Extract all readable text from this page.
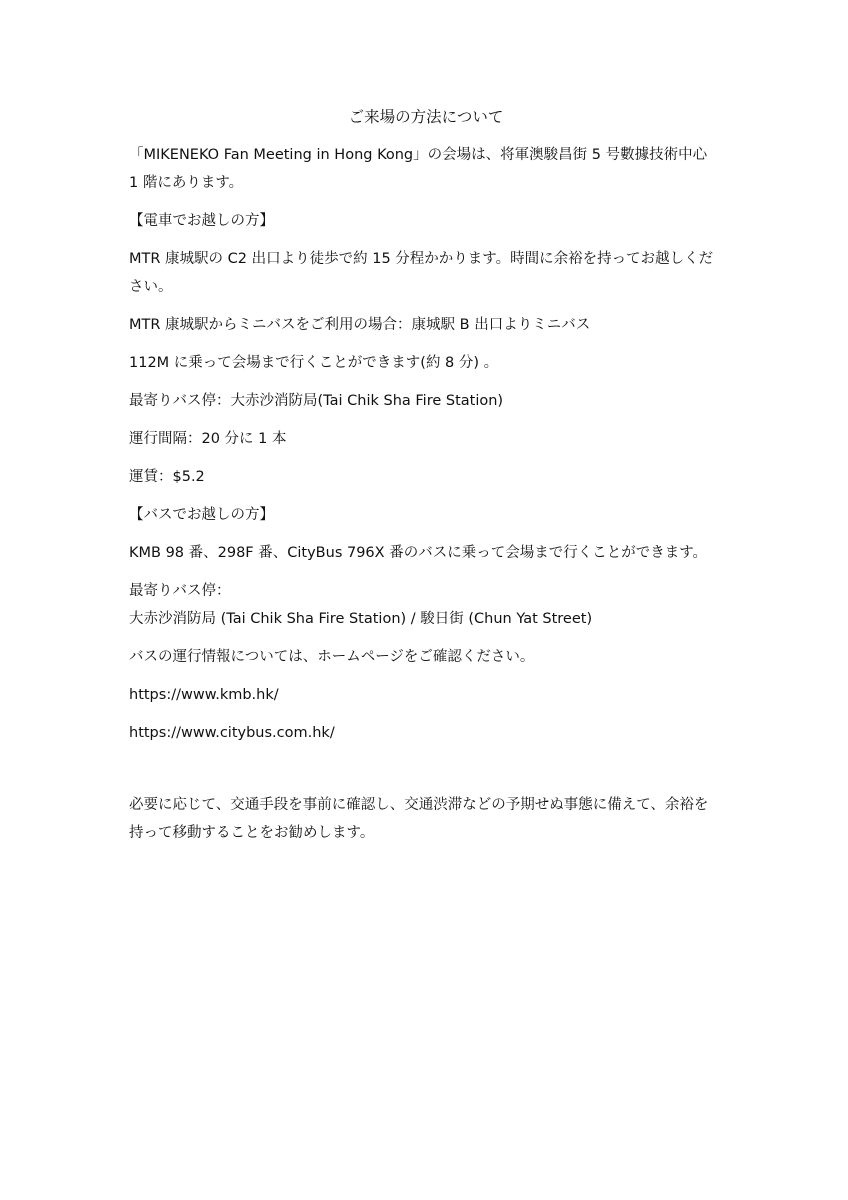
ご来場の方法について

「MIKENEKO Fan Meeting in Hong Kong」の会場は、将軍澳駿昌街 5 号數據技術中心 1 階にあります。

【電車でお越しの方】

MTR 康城駅の C2 出口より徒歩で約 15 分程かかります。時間に余裕を持ってお越しください。

MTR 康城駅からミニバスをご利用の場合：康城駅 B 出口よりミニバス

112M に乗って会場まで行くことができます(約 8 分) 。

最寄りバス停：大赤沙消防局(Tai Chik Sha Fire Station)

運行間隔：20 分に 1 本

運賃：$5.2

【バスでお越しの方】

KMB 98 番、298F 番、CityBus 796X 番のバスに乗って会場まで行くことができます。

最寄りバス停：

大赤沙消防局 (Tai Chik Sha Fire Station) / 駿日街 (Chun Yat Street)

バスの運行情報については、ホームページをご確認ください。

https://www.kmb.hk/

https://www.citybus.com.hk/

必要に応じて、交通手段を事前に確認し、交通渋滞などの予期せぬ事態に備えて、余裕を持って移動することをお勧めします。
